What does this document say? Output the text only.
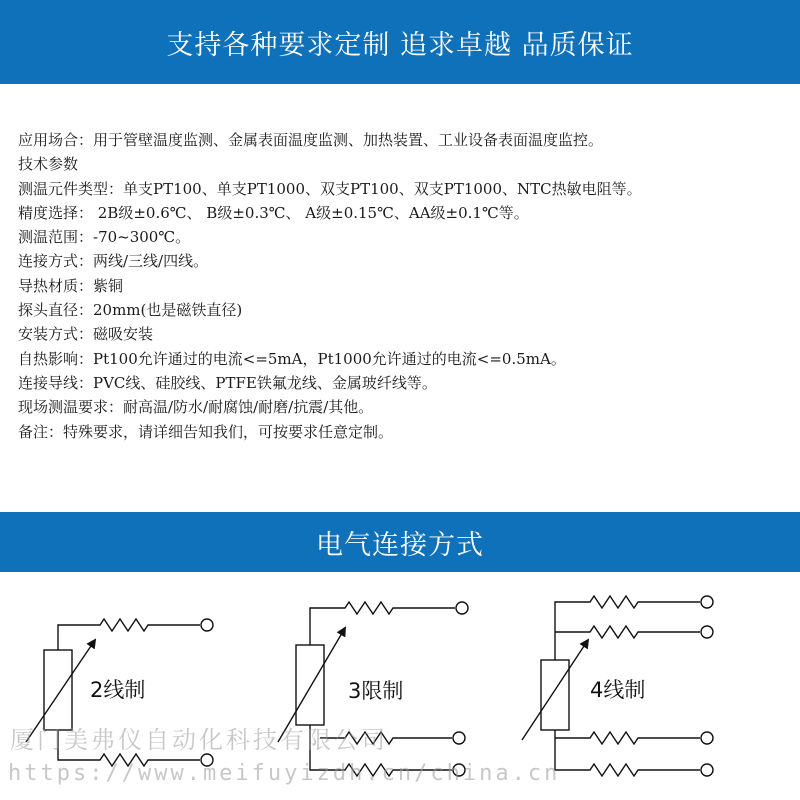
支持各种要求定制 追求卓越 品质保证
应用场合：用于管壁温度监测、金属表面温度监测、加热装置、工业设备表面温度监控。
技术参数
测温元件类型：单支PT100、单支PT1000、双支PT100、双支PT1000、NTC热敏电阻等。
精度选择： 2B级±0.6℃、 B级±0.3℃、 A级±0.15℃、AA级±0.1℃等。
测温范围：-70~300℃。
连接方式：两线/三线/四线。
导热材质：紫铜
探头直径：20mm(也是磁铁直径)
安装方式：磁吸安装
自热影响：Pt100允许通过的电流<=5mA，Pt1000允许通过的电流<=0.5mA。
连接导线：PVC线、硅胶线、PTFE铁氟龙线、金属玻纤线等。
现场测温要求：耐高温/防水/耐腐蚀/耐磨/抗震/其他。
备注：特殊要求，请详细告知我们，可按要求任意定制。
电气连接方式
2线制	3限制	4线制
厦门美弗仪自动化科技有限公司
https://www.meifuyizdh.cn/china.cn
